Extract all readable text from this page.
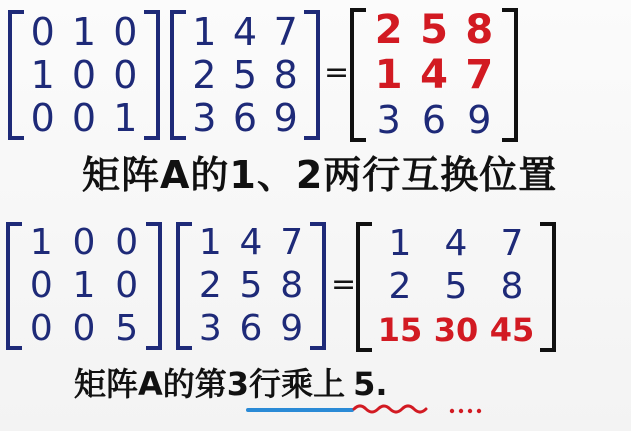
0 1 0
1 0 0
0 0 1
1 4 7
2 5 8
3 6 9
=
2 5 8
1 4 7
3 6 9
矩阵A的1、2两行互换位置
1 0 0
0 1 0
0 0 5
1 4 7
2 5 8
3 6 9
=
1 4 7
2 5 8
15 30 45
矩阵A的第3行乘上 5.
